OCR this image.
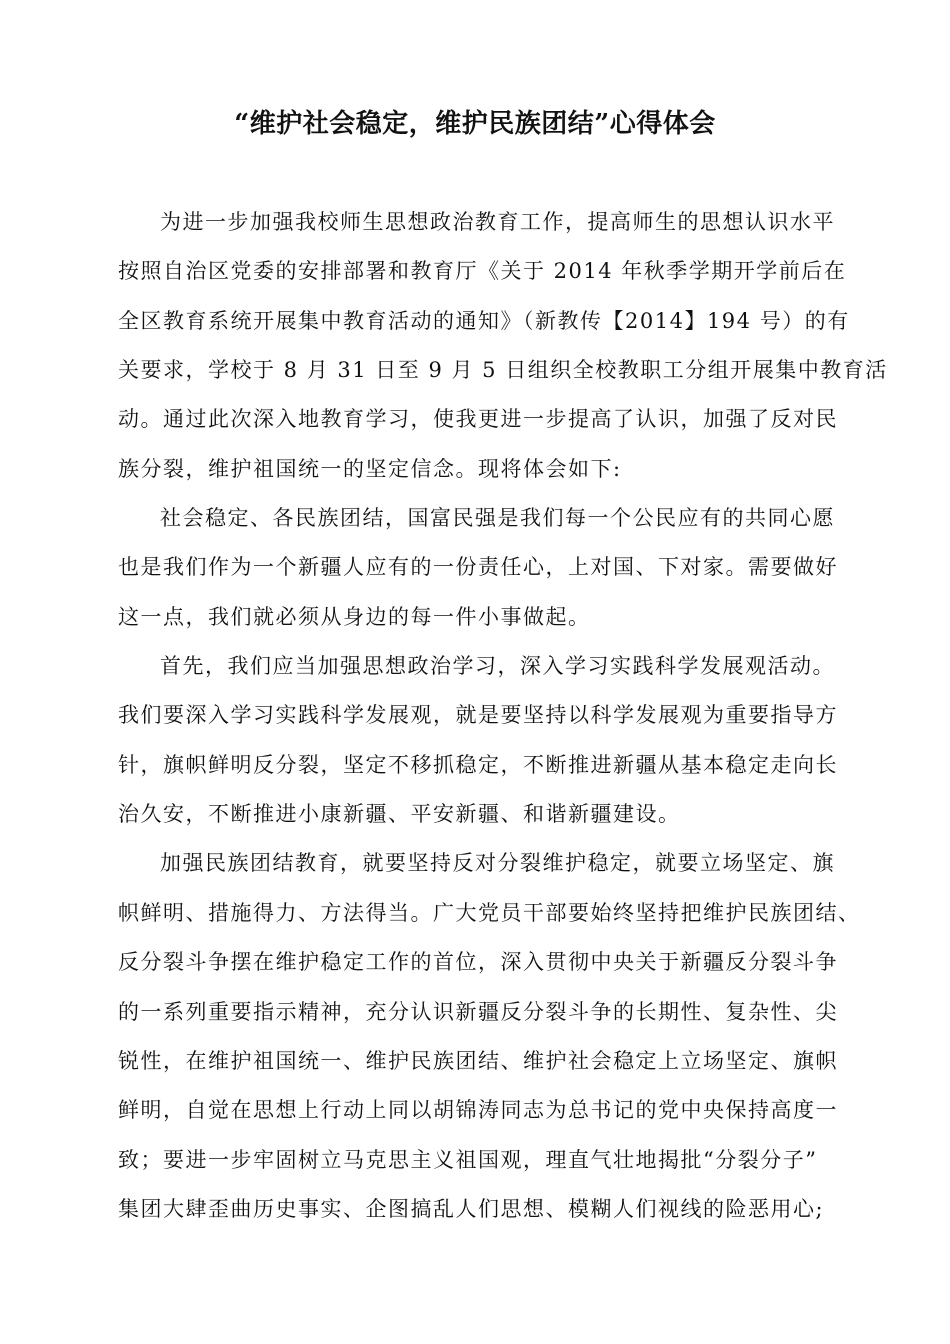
“维护社会稳定，维护民族团结”心得体会
为进一步加强我校师生思想政治教育工作，提高师生的思想认识水平
按照自治区党委的安排部署和教育厅《关于 2014 年秋季学期开学前后在
全区教育系统开展集中教育活动的通知》（新教传【2014】194 号）的有
关要求，学校于 8 月 31 日至 9 月 5 日组织全校教职工分组开展集中教育活
动。通过此次深入地教育学习，使我更进一步提高了认识，加强了反对民
族分裂，维护祖国统一的坚定信念。现将体会如下:
社会稳定、各民族团结，国富民强是我们每一个公民应有的共同心愿
也是我们作为一个新疆人应有的一份责任心，上对国、下对家。需要做好
这一点，我们就必须从身边的每一件小事做起。
首先，我们应当加强思想政治学习，深入学习实践科学发展观活动。
我们要深入学习实践科学发展观，就是要坚持以科学发展观为重要指导方
针，旗帜鲜明反分裂，坚定不移抓稳定，不断推进新疆从基本稳定走向长
治久安，不断推进小康新疆、平安新疆、和谐新疆建设。
加强民族团结教育，就要坚持反对分裂维护稳定，就要立场坚定、旗
帜鲜明、措施得力、方法得当。广大党员干部要始终坚持把维护民族团结、
反分裂斗争摆在维护稳定工作的首位，深入贯彻中央关于新疆反分裂斗争
的一系列重要指示精神，充分认识新疆反分裂斗争的长期性、复杂性、尖
锐性，在维护祖国统一、维护民族团结、维护社会稳定上立场坚定、旗帜
鲜明，自觉在思想上行动上同以胡锦涛同志为总书记的党中央保持高度一
致；要进一步牢固树立马克思主义祖国观，理直气壮地揭批“分裂分子”
集团大肆歪曲历史事实、企图搞乱人们思想、模糊人们视线的险恶用心;
